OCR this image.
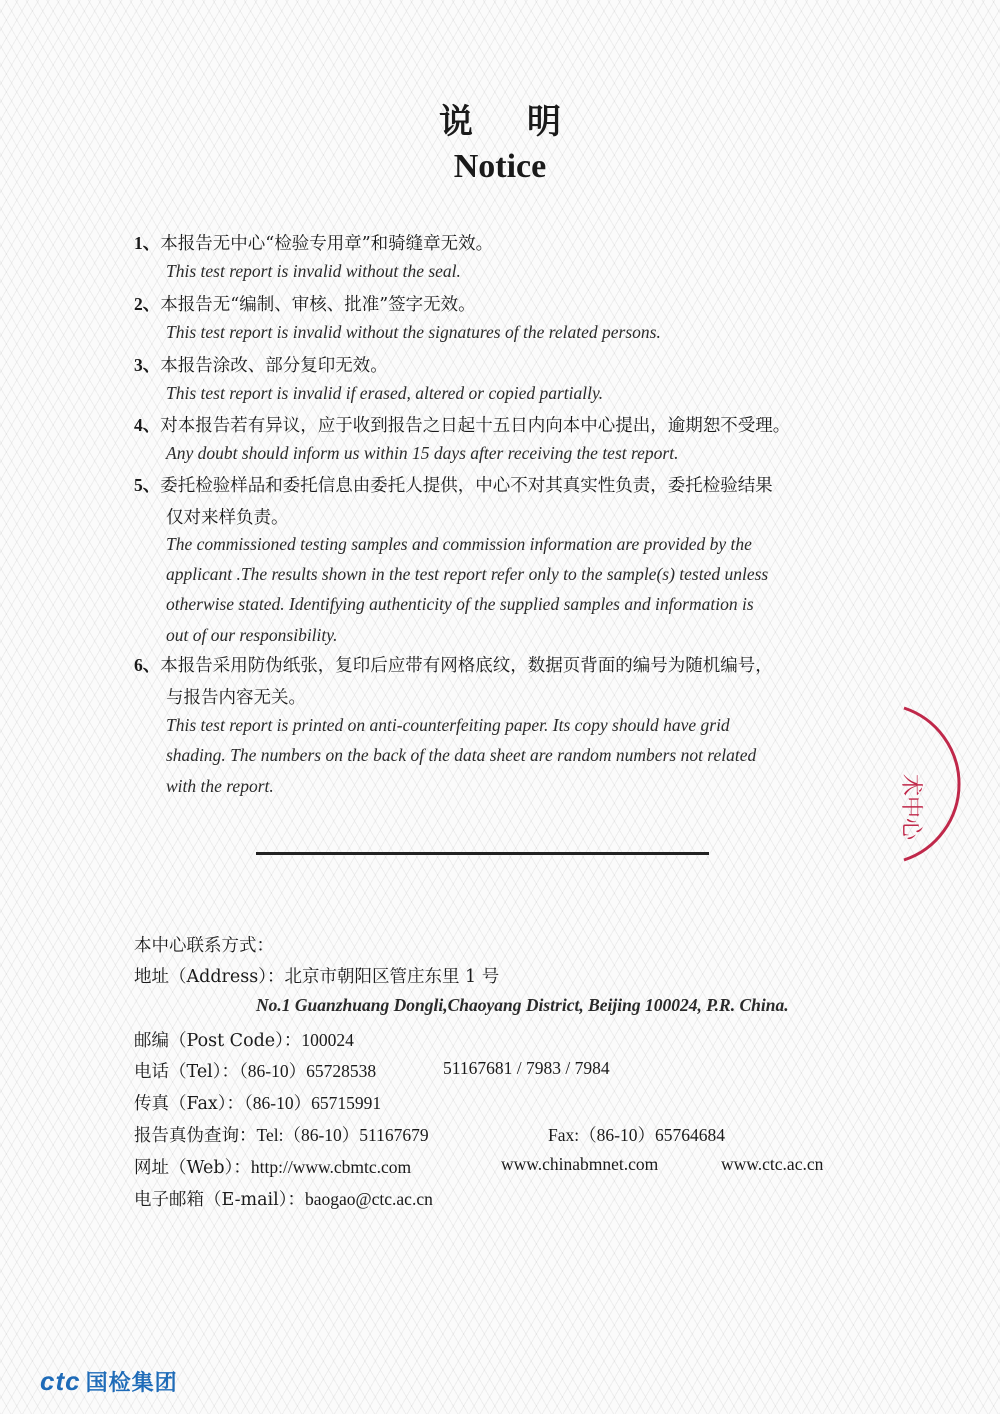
说明
Notice
1、本报告无中心“检验专用章”和骑缝章无效。
This test report is invalid without the seal.
2、本报告无“编制、审核、批准”签字无效。
This test report is invalid without the signatures of the related persons.
3、本报告涂改、部分复印无效。
This test report is invalid if erased, altered or copied partially.
4、对本报告若有异议，应于收到报告之日起十五日内向本中心提出，逾期恕不受理。
Any doubt should inform us within 15 days after receiving the test report.
5、委托检验样品和委托信息由委托人提供，中心不对其真实性负责，委托检验结果
仅对来样负责。
The commissioned testing samples and commission information are provided by the
applicant .The results shown in the test report refer only to the sample(s) tested unless
otherwise stated. Identifying authenticity of the supplied samples and information is
out of our responsibility.
6、本报告采用防伪纸张，复印后应带有网格底纹，数据页背面的编号为随机编号，
与报告内容无关。
This test report is printed on anti-counterfeiting paper. Its copy should have grid
shading. The numbers on the back of the data sheet are random numbers not related
with the report.	术中心
本中心联系方式：
地址（Address）：北京市朝阳区管庄东里 1 号
No.1 Guanzhuang Dongli,Chaoyang District, Beijing 100024, P.R. China.
邮编（Post Code）：100024
电话（Tel）：（86-10）65728538	51167681 / 7983 / 7984
传真（Fax）：（86-10）65715991
报告真伪查询：Tel:（86-10）51167679	Fax:（86-10）65764684
网址（Web）：http://www.cbmtc.com	www.chinabmnet.com	www.ctc.ac.cn
电子邮箱（E-mail）：baogao@ctc.ac.cn
ctc 国检集团
